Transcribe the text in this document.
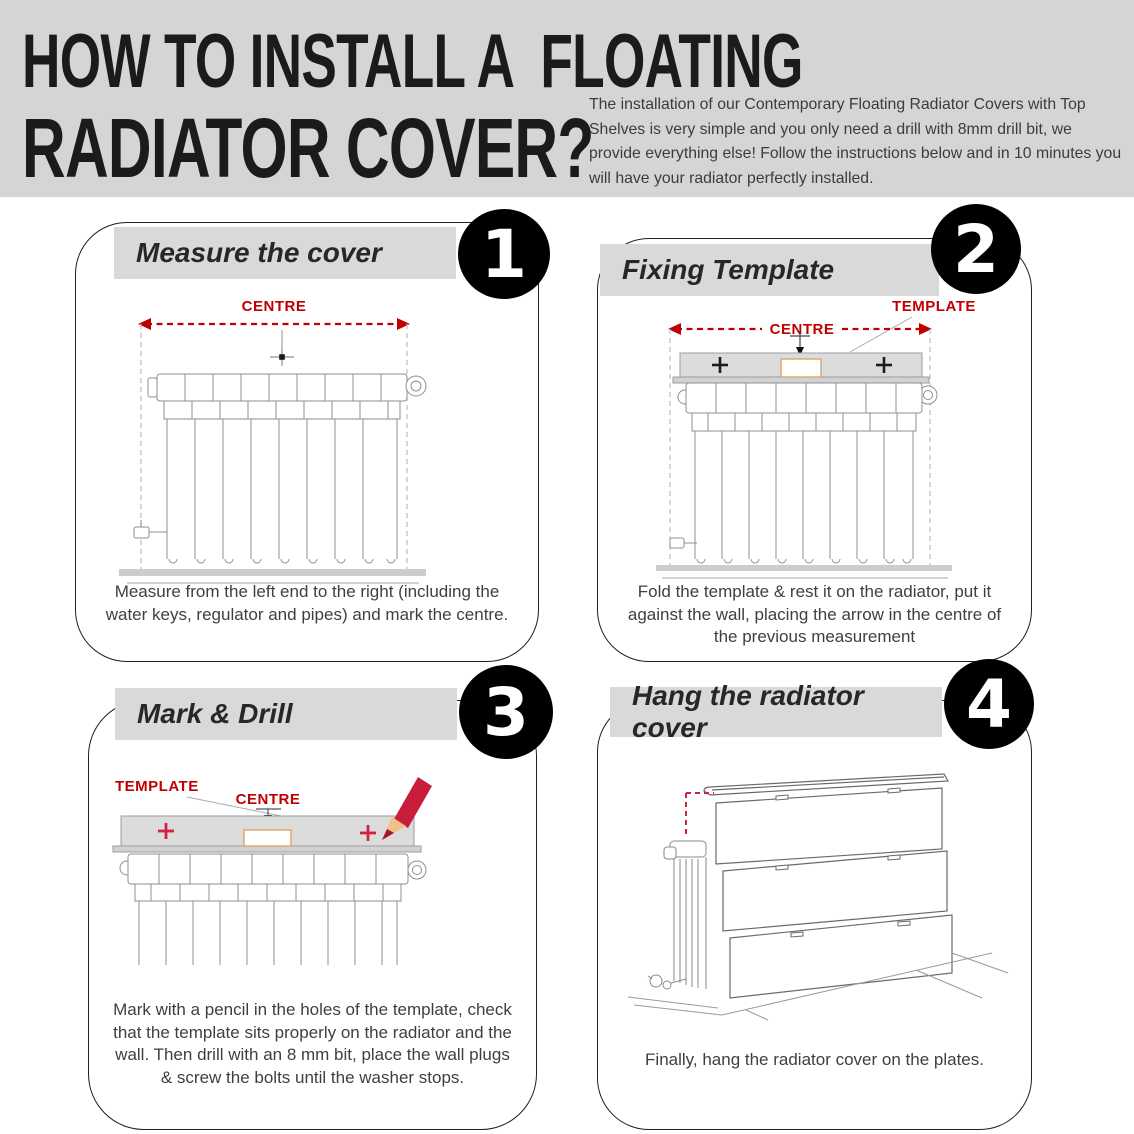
HOW TO INSTALL A  FLOATING
RADIATOR COVER?
The installation of our Contemporary Floating Radiator Covers with Top Shelves is very simple and you only need a drill with 8mm drill bit, we provide everything else! Follow the instructions below and in 10 minutes you will have your radiator perfectly installed.
Measure the cover 1
CENTRE
Measure from the left end to the right (including the water keys, regulator and pipes) and mark the centre.
Fixing Template 2
TEMPLATE
CENTRE
Fold the template & rest it on the radiator, put it against the wall, placing the arrow in the centre of the previous measurement
Mark & Drill	3
TEMPLATE
CENTRE
Mark with a pencil in the holes of the template, check that the template sits properly on the radiator and the wall. Then drill with an 8 mm bit, place the wall plugs & screw the bolts until the washer stops.
Hang the radiator cover	4
Finally, hang the radiator cover on the plates.
